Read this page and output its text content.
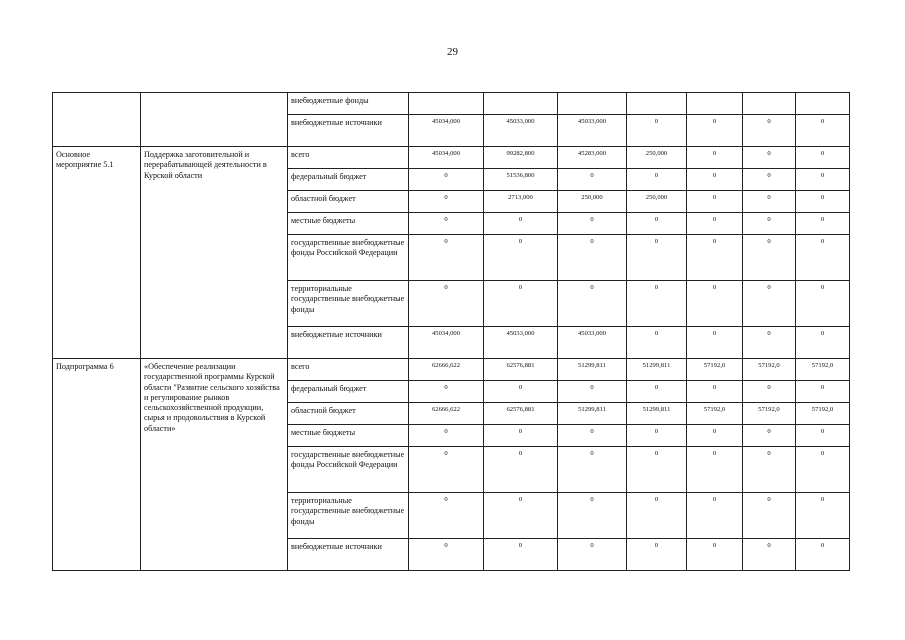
29
		внебюджетные фонды							
		внебюджетные источники	45034,000	45033,000	45033,000	0	0	0	0
Основное мероприятие 5.1	Поддержка заготовительной и перерабатывающей деятельности в Курской области	всего	45034,000	99282,800	45283,000	250,000	0	0	0
		федеральный бюджет	0	51536,800	0	0	0	0	0
		областной бюджет	0	2713,000	250,000	250,000	0	0	0
		местные бюджеты	0	0	0	0	0	0	0
		государственные внебюджетные фонды Российской Федерации	0	0	0	0	0	0	0
		территориальные государственные внебюджетные фонды	0	0	0	0	0	0	0
		внебюджетные источники	45034,000	45033,000	45033,000	0	0	0	0
Подпрограмма 6	«Обеспечение реализации государственной программы Курской области "Развитие сельского хозяйства и регулирование рынков сельскохозяйственной продукции, сырья и продовольствия в Курской области»	всего	62666,622	62576,881	51299,811	51299,811	57192,0	57192,0	57192,0
		федеральный бюджет	0	0	0	0	0	0	0
		областной бюджет	62666,622	62576,881	51299,811	51299,811	57192,0	57192,0	57192,0
		местные бюджеты	0	0	0	0	0	0	0
		государственные внебюджетные фонды Российской Федерации	0	0	0	0	0	0	0
		территориальные государственные внебюджетные фонды	0	0	0	0	0	0	0
		внебюджетные источники	0	0	0	0	0	0	0
